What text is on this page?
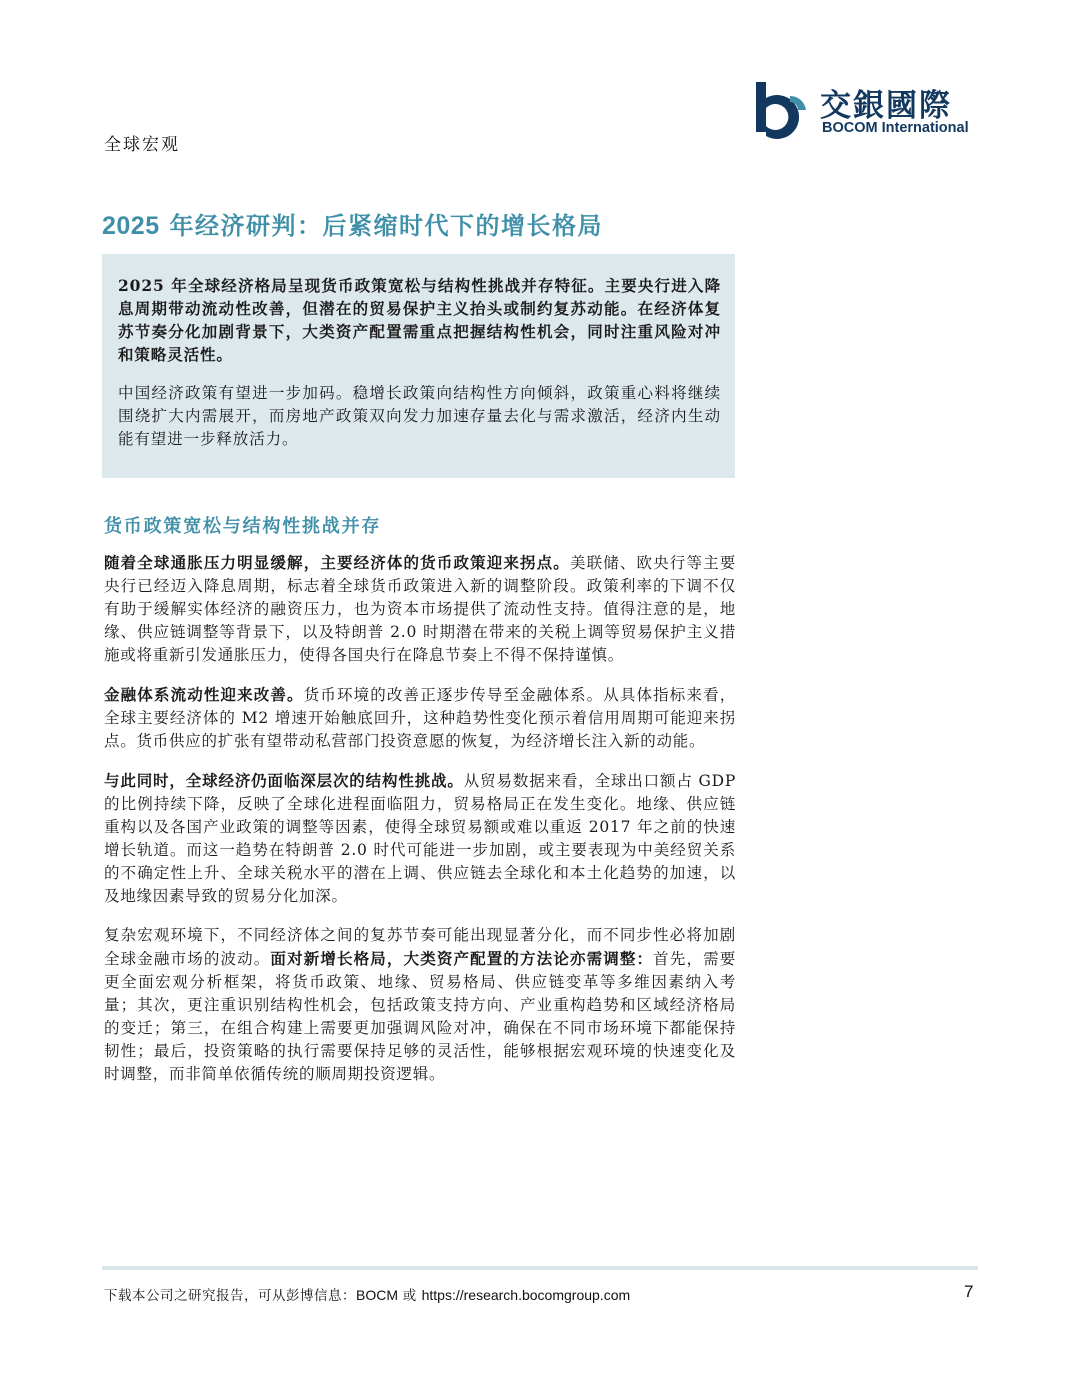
全球宏观
交銀國際
BOCOM International
2025 年经济研判：后紧缩时代下的增长格局

2025 年全球经济格局呈现货币政策宽松与结构性挑战并存特征。主要央行进入降息周期带动流动性改善，但潜在的贸易保护主义抬头或制约复苏动能。在经济体复苏节奏分化加剧背景下，大类资产配置需重点把握结构性机会，同时注重风险对冲和策略灵活性。

中国经济政策有望进一步加码。稳增长政策向结构性方向倾斜，政策重心料将继续围绕扩大内需展开，而房地产政策双向发力加速存量去化与需求激活，经济内生动能有望进一步释放活力。

货币政策宽松与结构性挑战并存

随着全球通胀压力明显缓解，主要经济体的货币政策迎来拐点。美联储、欧央行等主要央行已经迈入降息周期，标志着全球货币政策进入新的调整阶段。政策利率的下调不仅有助于缓解实体经济的融资压力，也为资本市场提供了流动性支持。值得注意的是，地缘、供应链调整等背景下，以及特朗普 2.0 时期潜在带来的关税上调等贸易保护主义措施或将重新引发通胀压力，使得各国央行在降息节奏上不得不保持谨慎。

金融体系流动性迎来改善。货币环境的改善正逐步传导至金融体系。从具体指标来看，全球主要经济体的 M2 增速开始触底回升，这种趋势性变化预示着信用周期可能迎来拐点。货币供应的扩张有望带动私营部门投资意愿的恢复，为经济增长注入新的动能。

与此同时，全球经济仍面临深层次的结构性挑战。从贸易数据来看，全球出口额占 GDP 的比例持续下降，反映了全球化进程面临阻力，贸易格局正在发生变化。地缘、供应链重构以及各国产业政策的调整等因素，使得全球贸易额或难以重返 2017 年之前的快速增长轨道。而这一趋势在特朗普 2.0 时代可能进一步加剧，或主要表现为中美经贸关系的不确定性上升、全球关税水平的潜在上调、供应链去全球化和本土化趋势的加速，以及地缘因素导致的贸易分化加深。

复杂宏观环境下，不同经济体之间的复苏节奏可能出现显著分化，而不同步性必将加剧全球金融市场的波动。面对新增长格局，大类资产配置的方法论亦需调整：首先，需要更全面宏观分析框架，将货币政策、地缘、贸易格局、供应链变革等多维因素纳入考量；其次，更注重识别结构性机会，包括政策支持方向、产业重构趋势和区域经济格局的变迁；第三，在组合构建上需要更加强调风险对冲，确保在不同市场环境下都能保持韧性；最后，投资策略的执行需要保持足够的灵活性，能够根据宏观环境的快速变化及时调整，而非简单依循传统的顺周期投资逻辑。

下载本公司之研究报告，可从彭博信息：BOCM 或 https://research.bocomgroup.com	7
